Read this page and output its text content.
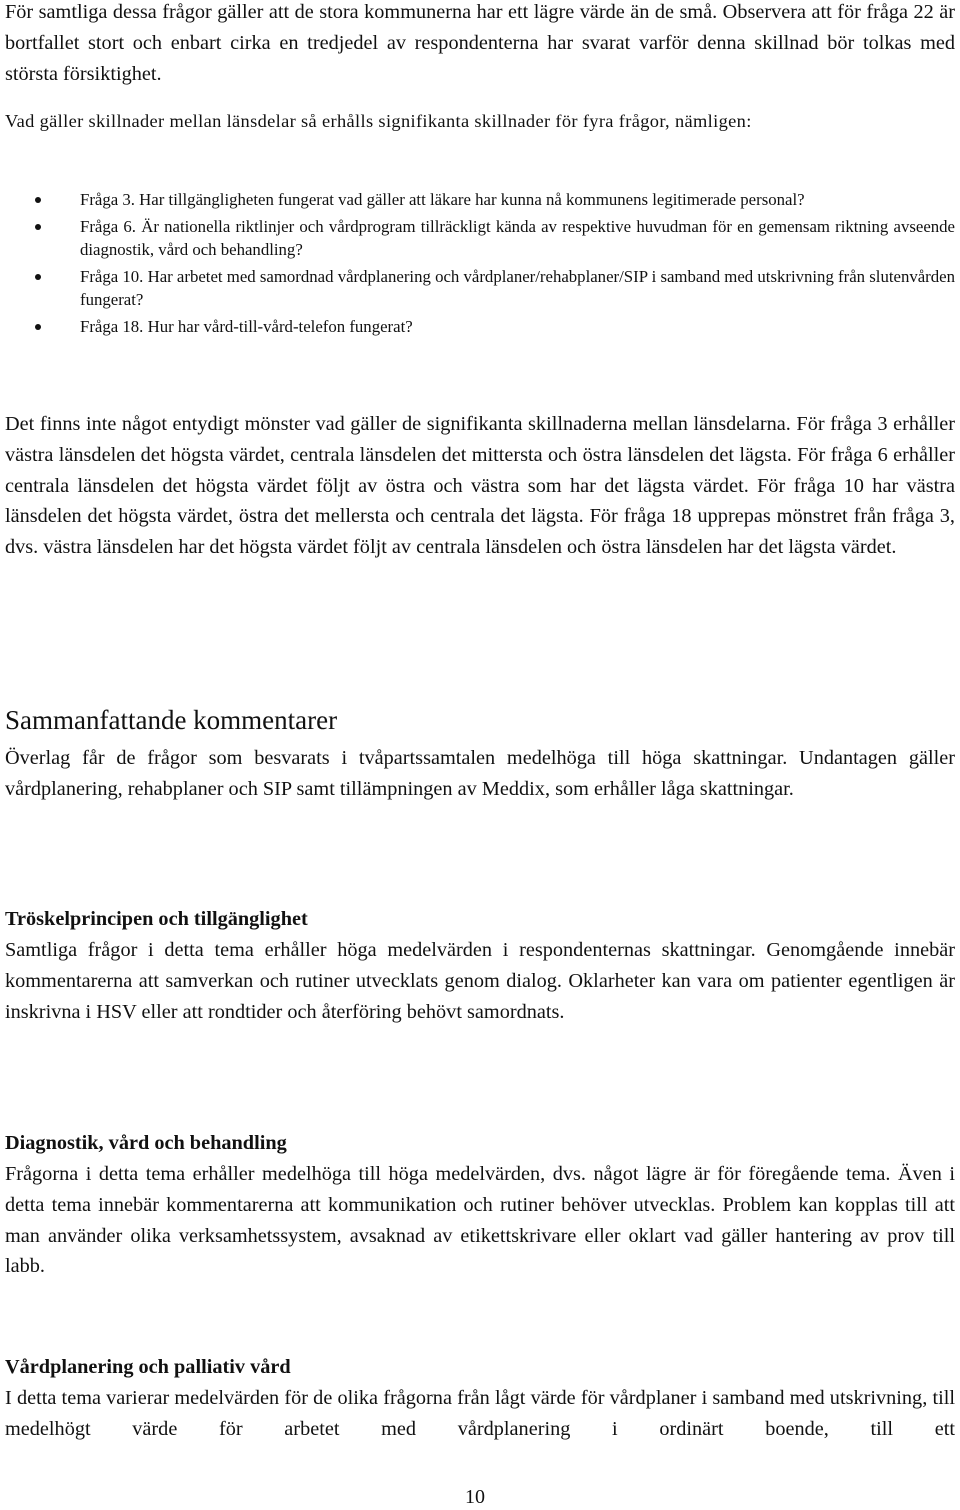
För samtliga dessa frågor gäller att de stora kommunerna har ett lägre värde än de små. Observera att för fråga 22 är bortfallet stort och enbart cirka en tredjedel av respondenterna har svarat varför denna skillnad bör tolkas med största försiktighet.

Vad gäller skillnader mellan länsdelar så erhålls signifikanta skillnader för fyra frågor, nämligen:

Fråga 3. Har tillgängligheten fungerat vad gäller att läkare har kunna nå kommunens legitimerade personal?
Fråga 6. Är nationella riktlinjer och vårdprogram tillräckligt kända av respektive huvudman för en gemensam riktning avseende diagnostik, vård och behandling?
Fråga 10. Har arbetet med samordnad vårdplanering och vårdplaner/rehabplaner/SIP i samband med utskrivning från slutenvården fungerat?
Fråga 18. Hur har vård-till-vård-telefon fungerat?

Det finns inte något entydigt mönster vad gäller de signifikanta skillnaderna mellan länsdelarna. För fråga 3 erhåller västra länsdelen det högsta värdet, centrala länsdelen det mittersta och östra länsdelen det lägsta. För fråga 6 erhåller centrala länsdelen det högsta värdet följt av östra och västra som har det lägsta värdet. För fråga 10 har västra länsdelen det högsta värdet, östra det mellersta och centrala det lägsta. För fråga 18 upprepas mönstret från fråga 3, dvs. västra länsdelen har det högsta värdet följt av centrala länsdelen och östra länsdelen har det lägsta värdet.

Sammanfattande kommentarer

Överlag får de frågor som besvarats i tvåpartssamtalen medelhöga till höga skattningar. Undantagen gäller vårdplanering, rehabplaner och SIP samt tillämpningen av Meddix, som erhåller låga skattningar.

Tröskelprincipen och tillgänglighet

Samtliga frågor i detta tema erhåller höga medelvärden i respondenternas skattningar. Genomgående innebär kommentarerna att samverkan och rutiner utvecklats genom dialog. Oklarheter kan vara om patienter egentligen är inskrivna i HSV eller att rondtider och återföring behövt samordnats.

Diagnostik, vård och behandling

Frågorna i detta tema erhåller medelhöga till höga medelvärden, dvs. något lägre är för föregående tema. Även i detta tema innebär kommentarerna att kommunikation och rutiner behöver utvecklas. Problem kan kopplas till att man använder olika verksamhetssystem, avsaknad av etikettskrivare eller oklart vad gäller hantering av prov till labb.

Vårdplanering och palliativ vård

I detta tema varierar medelvärden för de olika frågorna från lågt värde för vårdplaner i samband med utskrivning, till medelhögt värde för arbetet med vårdplanering i ordinärt boende, till ett

10
